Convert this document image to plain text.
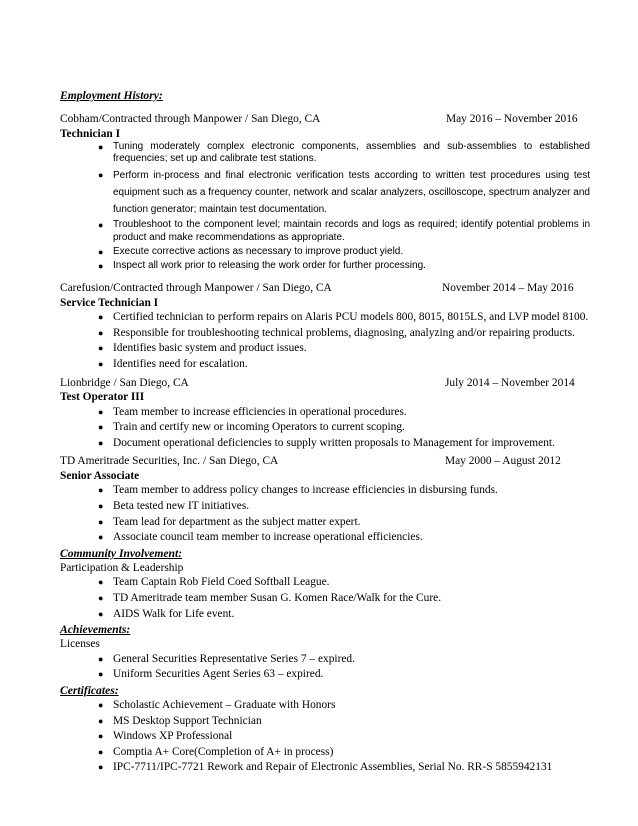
Employment History:
Cobham/Contracted through Manpower / San Diego, CA	May 2016 – November 2016
Technician I
● Tuning moderately complex electronic components, assemblies and sub-assemblies to established frequencies; set up and calibrate test stations.
● Perform in-process and final electronic verification tests according to written test procedures using test equipment such as a frequency counter, network and scalar analyzers, oscilloscope, spectrum analyzer and function generator; maintain test documentation.
● Troubleshoot to the component level; maintain records and logs as required; identify potential problems in product and make recommendations as appropriate.
● Execute corrective actions as necessary to improve product yield.
● Inspect all work prior to releasing the work order for further processing.
Carefusion/Contracted through Manpower / San Diego, CA	November 2014 – May 2016
Service Technician I
● Certified technician to perform repairs on Alaris PCU models 800, 8015, 8015LS, and LVP model 8100.
● Responsible for troubleshooting technical problems, diagnosing, analyzing and/or repairing products.
● Identifies basic system and product issues.
● Identifies need for escalation.
Lionbridge / San Diego, CA	July 2014 – November 2014
Test Operator III
● Team member to increase efficiencies in operational procedures.
● Train and certify new or incoming Operators to current scoping.
● Document operational deficiencies to supply written proposals to Management for improvement.
TD Ameritrade Securities, Inc. / San Diego, CA	May 2000 – August 2012
Senior Associate
● Team member to address policy changes to increase efficiencies in disbursing funds.
● Beta tested new IT initiatives.
● Team lead for department as the subject matter expert.
● Associate council team member to increase operational efficiencies.
Community Involvement:
Participation & Leadership
● Team Captain Rob Field Coed Softball League.
● TD Ameritrade team member Susan G. Komen Race/Walk for the Cure.
● AIDS Walk for Life event.
Achievements:
Licenses
● General Securities Representative Series 7 – expired.
● Uniform Securities Agent Series 63 – expired.
Certificates:
● Scholastic Achievement – Graduate with Honors
● MS Desktop Support Technician
● Windows XP Professional
● Comptia A+ Core(Completion of A+ in process)
● IPC-7711/IPC-7721 Rework and Repair of Electronic Assemblies, Serial No. RR-S 5855942131
